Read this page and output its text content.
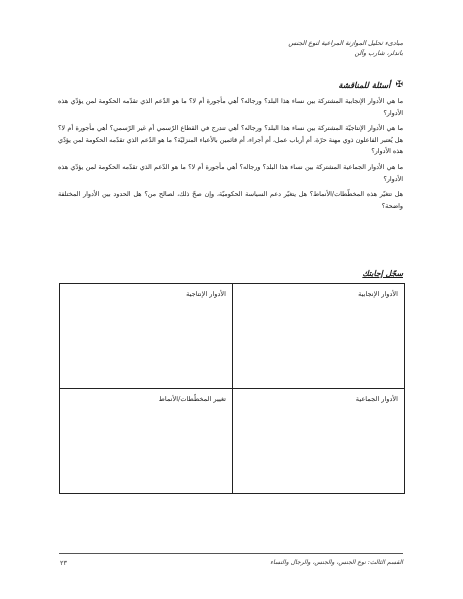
مبادىء تحليل الموازنة المراعية لنوع الجنس
باندلر، شارب وآلن
✠
أسئلة للمناقشة

ما هي الأدوار الإنجابية المشتركة بين نساء هذا البلد؟ ورجاله؟ أهي مأجورة أم لا؟ ما هو الدّعم الذي تقدّمه الحكومة لمن يؤدّي هذه الأدوار؟

ما هي الأدوار الإنتاجيّة المشتركة بين نساء هذا البلد؟ ورجاله؟ أهي تندرج في القطاع الرّسمي أم غير الرّسمي؟ أهي مأجورة أم لا؟ هل يُعتبر الفاعلون ذوي مهنة حرّة، أم أرباب عمل، أم أجراء، أم قائمين بالأعباء المنزليّة؟ ما هو الدّعم الذي تقدّمه الحكومة لمن يؤدّي هذه الأدوار؟

ما هي الأدوار الجماعية المشتركة بين نساء هذا البلد؟ ورجاله؟ أهي مأجورة أم لا؟ ما هو الدّعم الذي تقدّمه الحكومة لمن يؤدّي هذه الأدوار؟

هل تتغيّر هذه المخطّطات/الأنماط؟ هل يتغيّر دعم السياسة الحكوميّة، وإن صحّ ذلك، لصالح من؟ هل الحدود بين الأدوار المختلفة واضحة؟

سجّل إجابتك
الأدوار الإنجابية
الأدوار الإنتاجية
الأدوار الجماعية
تغيير المخطّطات/الأنماط
القسم الثالث: نوع الجنس، والجنس، والرجال والنساء
٢٣
